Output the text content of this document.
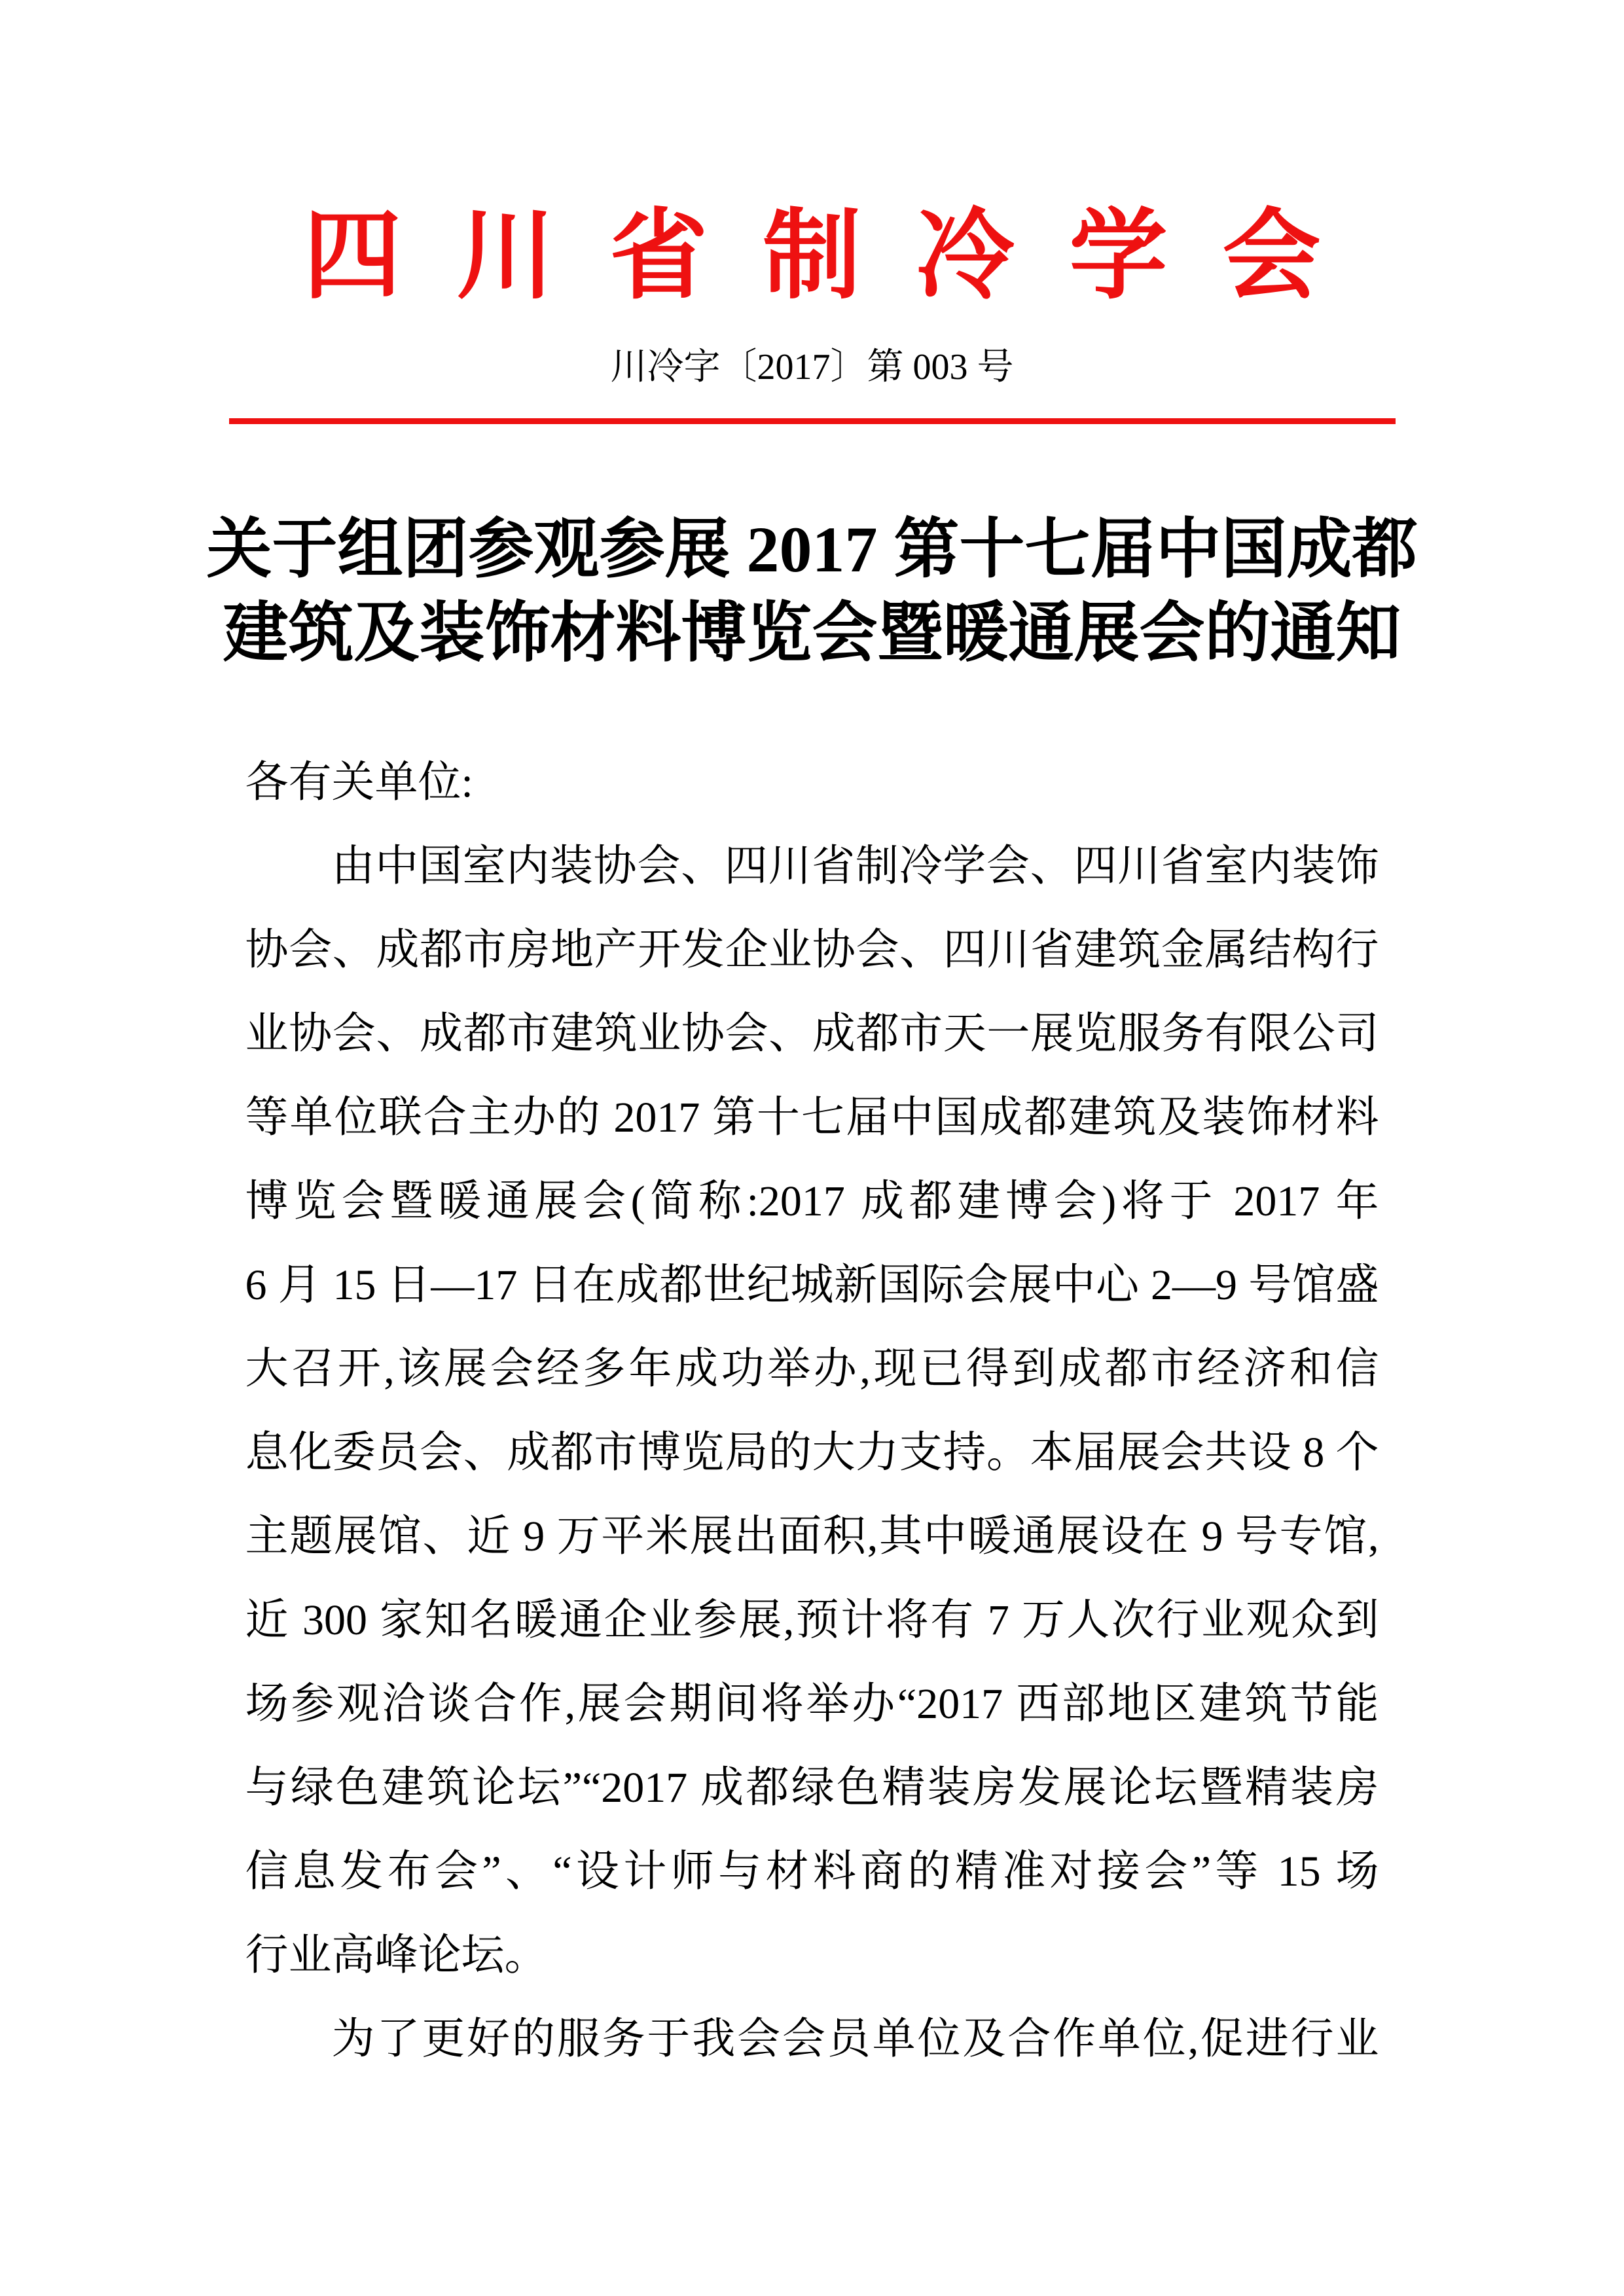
四川省制冷学会
川冷字〔2017〕第 003 号
关于组团参观参展 2017 第十七届中国成都
建筑及装饰材料博览会暨暖通展会的通知
各有关单位:
由中国室内装协会、四川省制冷学会、四川省室内装饰
协会、成都市房地产开发企业协会、四川省建筑金属结构行
业协会、成都市建筑业协会、成都市天一展览服务有限公司
等单位联合主办的 2017 第十七届中国成都建筑及装饰材料
博览会暨暖通展会(简称:2017 成都建博会)将于 2017 年
6 月 15 日—17 日在成都世纪城新国际会展中心 2—9 号馆盛
大召开,该展会经多年成功举办,现已得到成都市经济和信
息化委员会、成都市博览局的大力支持。本届展会共设 8 个
主题展馆、近 9 万平米展出面积,其中暖通展设在 9 号专馆,
近 300 家知名暖通企业参展,预计将有 7 万人次行业观众到
场参观洽谈合作,展会期间将举办“2017 西部地区建筑节能
与绿色建筑论坛”“2017 成都绿色精装房发展论坛暨精装房
信息发布会”、“设计师与材料商的精准对接会”等 15 场
行业高峰论坛。
为了更好的服务于我会会员单位及合作单位,促进行业
